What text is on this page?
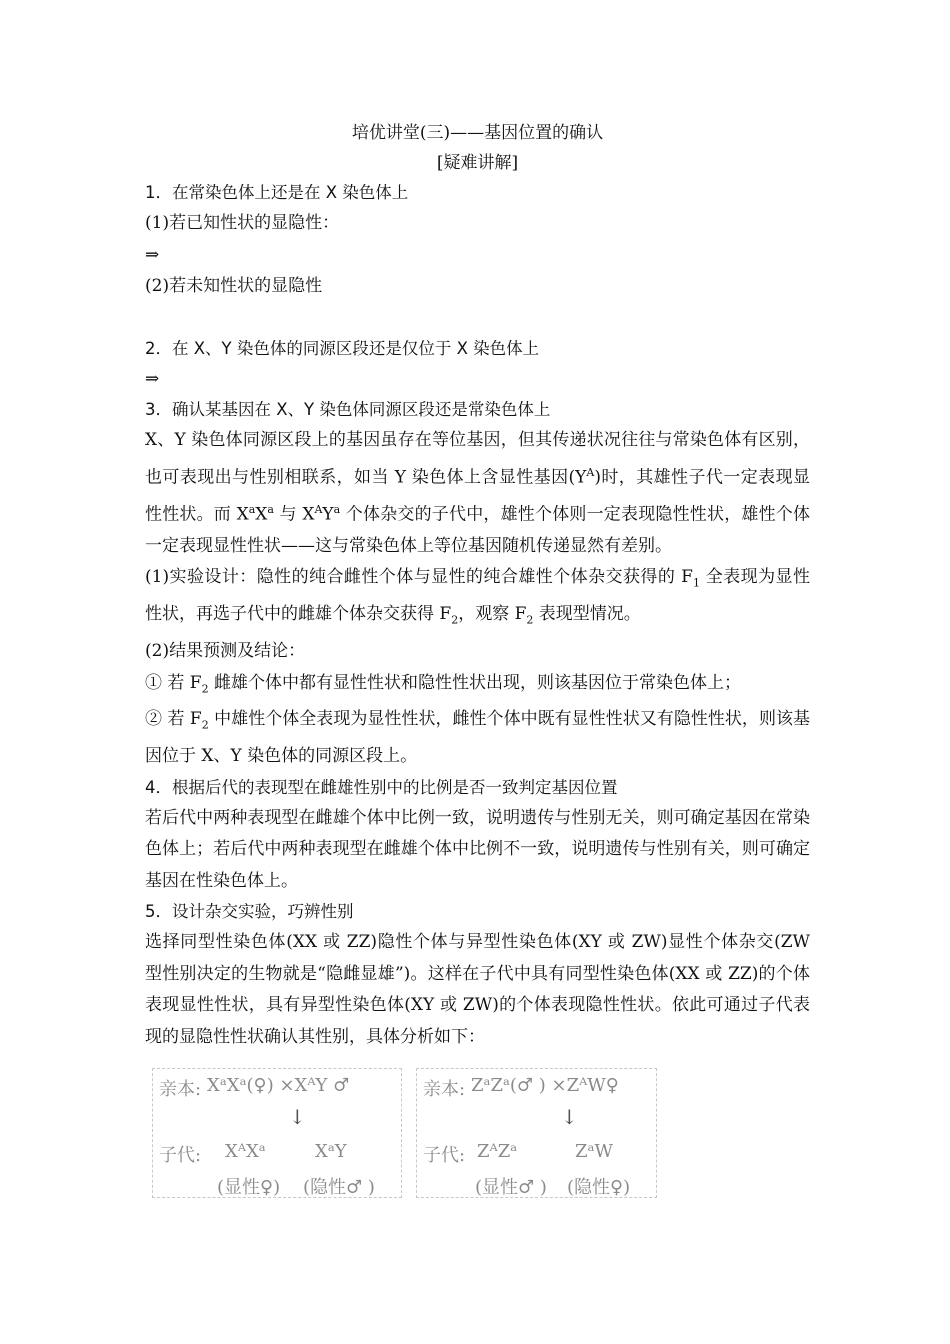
培优讲堂(三)——基因位置的确认
[疑难讲解]

1．在常染色体上还是在 X 染色体上

(1)若已知性状的显隐性：

⇒

(2)若未知性状的显隐性

2．在 X、Y 染色体的同源区段还是仅位于 X 染色体上

⇒

3．确认某基因在 X、Y 染色体同源区段还是常染色体上

X、Y 染色体同源区段上的基因虽存在等位基因，但其传递状况往往与常染色体有区别，也可表现出与性别相联系，如当 Y 染色体上含显性基因$(Y^A)$时，其雄性子代一定表现显性性状。而 $X^aX^a$ 与 $X^AY^a$ 个体杂交的子代中，雄性个体则一定表现隐性性状，雄性个体一定表现显性性状——这与常染色体上等位基因随机传递显然有差别。

(1)实验设计：隐性的纯合雌性个体与显性的纯合雄性个体杂交获得的 $F_1$ 全表现为显性性状，再选子代中的雌雄个体杂交获得 $F_2$，观察 $F_2$ 表现型情况。

(2)结果预测及结论：

① 若 $F_2$ 雌雄个体中都有显性性状和隐性性状出现，则该基因位于常染色体上；

② 若 $F_2$ 中雄性个体全表现为显性性状，雌性个体中既有显性性状又有隐性性状，则该基因位于 X、Y 染色体的同源区段上。

4．根据后代的表现型在雌雄性别中的比例是否一致判定基因位置

若后代中两种表现型在雌雄个体中比例一致，说明遗传与性别无关，则可确定基因在常染色体上；若后代中两种表现型在雌雄个体中比例不一致，说明遗传与性别有关，则可确定基因在性染色体上。

5．设计杂交实验，巧辨性别

选择同型性染色体(XX 或 ZZ)隐性个体与异型性染色体(XY 或 ZW)显性个体杂交(ZW 型性别决定的生物就是“隐雌显雄”)。这样在子代中具有同型性染色体(XX 或 ZZ)的个体表现显性性状，具有异型性染色体(XY 或 ZW)的个体表现隐性性状。依此可通过子代表现的显隐性性状确认其性别，具体分析如下：

亲本: XᵃXᵃ(♀) ×XᴬY ♂
↓
子代: XᴬXᵃ	XᵃY
(显性♀) (隐性♂ )
亲本: ZᵃZᵃ(♂ ) ×ZᴬW♀
↓
子代: ZᴬZᵃ	ZᵃW
(显性♂ ) (隐性♀)
